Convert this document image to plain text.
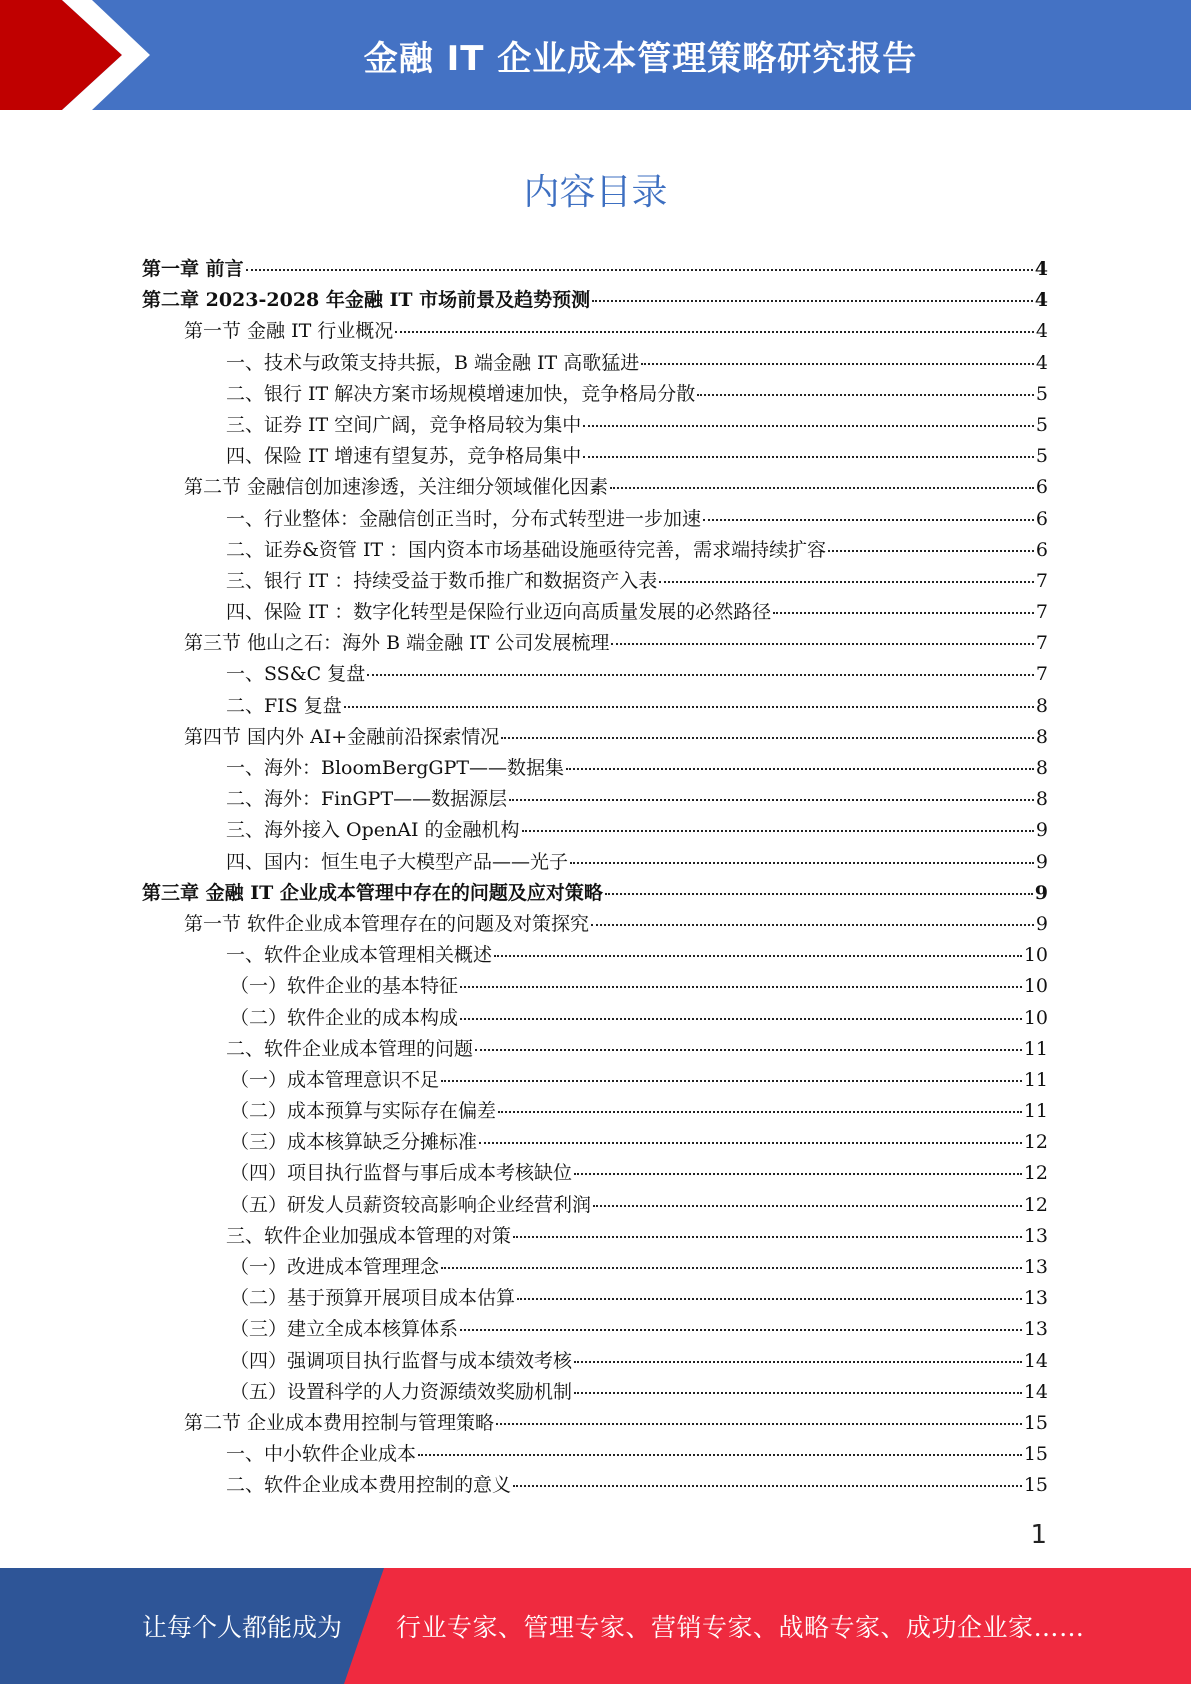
金融 IT 企业成本管理策略研究报告
内容目录
第一章 前言	4
第二章 2023-2028 年金融 IT 市场前景及趋势预测	4
第一节 金融 IT 行业概况	4
一、技术与政策支持共振，B 端金融 IT 高歌猛进	4
二、银行 IT 解决方案市场规模增速加快，竞争格局分散	5
三、证券 IT 空间广阔，竞争格局较为集中	5
四、保险 IT 增速有望复苏，竞争格局集中	5
第二节 金融信创加速渗透，关注细分领域催化因素	6
一、行业整体：金融信创正当时，分布式转型进一步加速	6
二、证券&资管 IT ：国内资本市场基础设施亟待完善，需求端持续扩容	6
三、银行 IT ：持续受益于数币推广和数据资产入表	7
四、保险 IT ：数字化转型是保险行业迈向高质量发展的必然路径	7
第三节 他山之石：海外 B 端金融 IT 公司发展梳理	7
一、SS&C 复盘	7
二、FIS 复盘	8
第四节 国内外 AI+金融前沿探索情况	8
一、海外：BloomBergGPT——数据集	8
二、海外：FinGPT——数据源层	8
三、海外接入 OpenAI 的金融机构	9
四、国内：恒生电子大模型产品——光子	9
第三章 金融 IT 企业成本管理中存在的问题及应对策略	9
第一节 软件企业成本管理存在的问题及对策探究	9
一、软件企业成本管理相关概述	10
（一）软件企业的基本特征	10
（二）软件企业的成本构成	10
二、软件企业成本管理的问题	11
（一）成本管理意识不足	11
（二）成本预算与实际存在偏差	11
（三）成本核算缺乏分摊标准	12
（四）项目执行监督与事后成本考核缺位	12
（五）研发人员薪资较高影响企业经营利润	12
三、软件企业加强成本管理的对策	13
（一）改进成本管理理念	13
（二）基于预算开展项目成本估算	13
（三）建立全成本核算体系	13
（四）强调项目执行监督与成本绩效考核	14
（五）设置科学的人力资源绩效奖励机制	14
第二节 企业成本费用控制与管理策略	15
一、中小软件企业成本	15
二、软件企业成本费用控制的意义	15
1
让每个人都能成为 行业专家、管理专家、营销专家、战略专家、成功企业家……
